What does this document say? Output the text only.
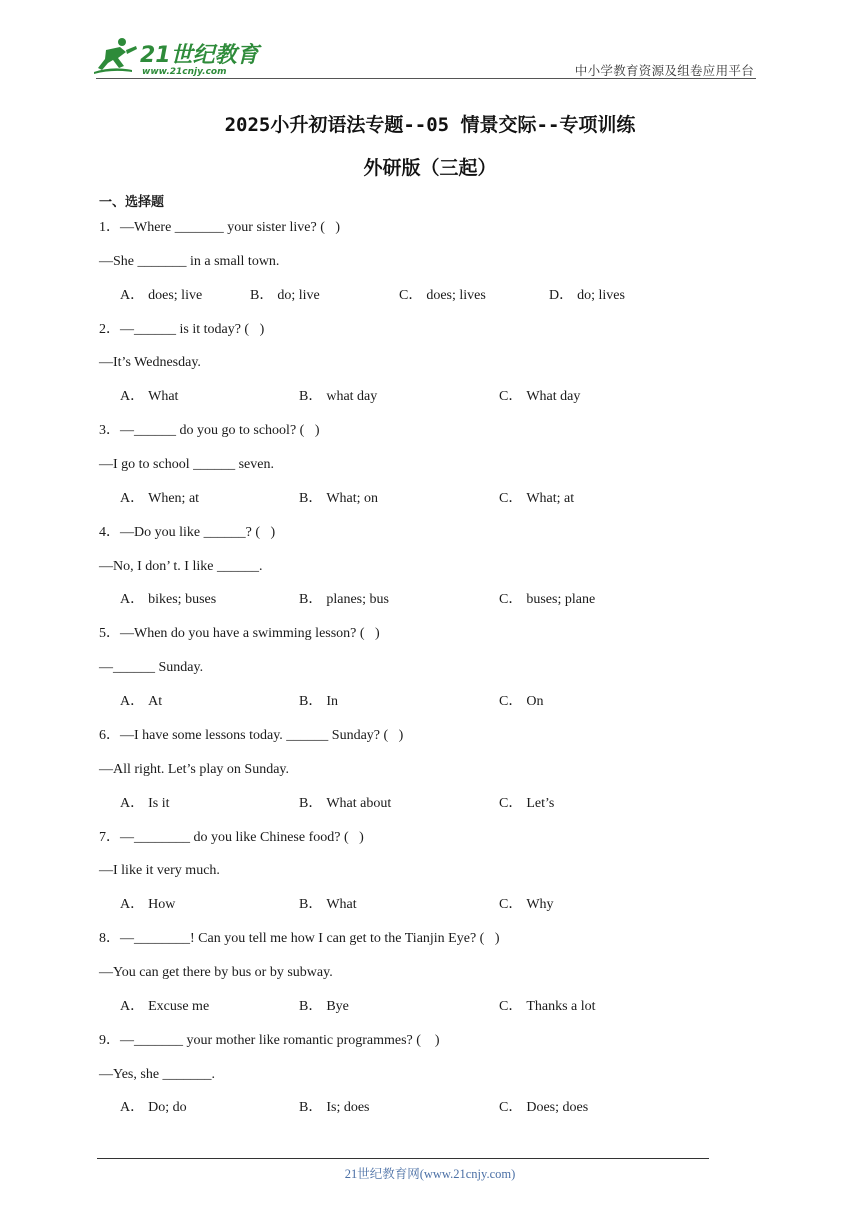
21世纪教育
www.21cnjy.com	中小学教育资源及组卷应用平台
2025小升初语法专题--05 情景交际--专项训练
外研版（三起）
一、选择题
1．—Where _______ your sister live? (   )
—She _______ in a small town.
A． does; live	B． do; live	C． does; lives	D． do; lives
2．—______ is it today? (   )
—It’s Wednesday.
A． What	B． what day	C． What day
3．—______ do you go to school? (   )
—I go to school ______ seven.
A． When; at	B． What; on	C． What; at
4．—Do you like ______? (   )
—No, I don’ t. I like ______.
A． bikes; buses	B． planes; bus	C． buses; plane
5．—When do you have a swimming lesson? (   )
—______ Sunday.
A． At	B． In	C． On
6．—I have some lessons today. ______ Sunday? (   )
—All right. Let’s play on Sunday.
A． Is it	B． What about	C． Let’s
7．—________ do you like Chinese food? (   )
—I like it very much.
A． How	B． What	C． Why
8．—________! Can you tell me how I can get to the Tianjin Eye? (   )
—You can get there by bus or by subway.
A． Excuse me	B． Bye	C． Thanks a lot
9．—_______ your mother like romantic programmes? (    )
—Yes, she _______.
A． Do; do	B． Is; does	C． Does; does
21世纪教育网(www.21cnjy.com)
